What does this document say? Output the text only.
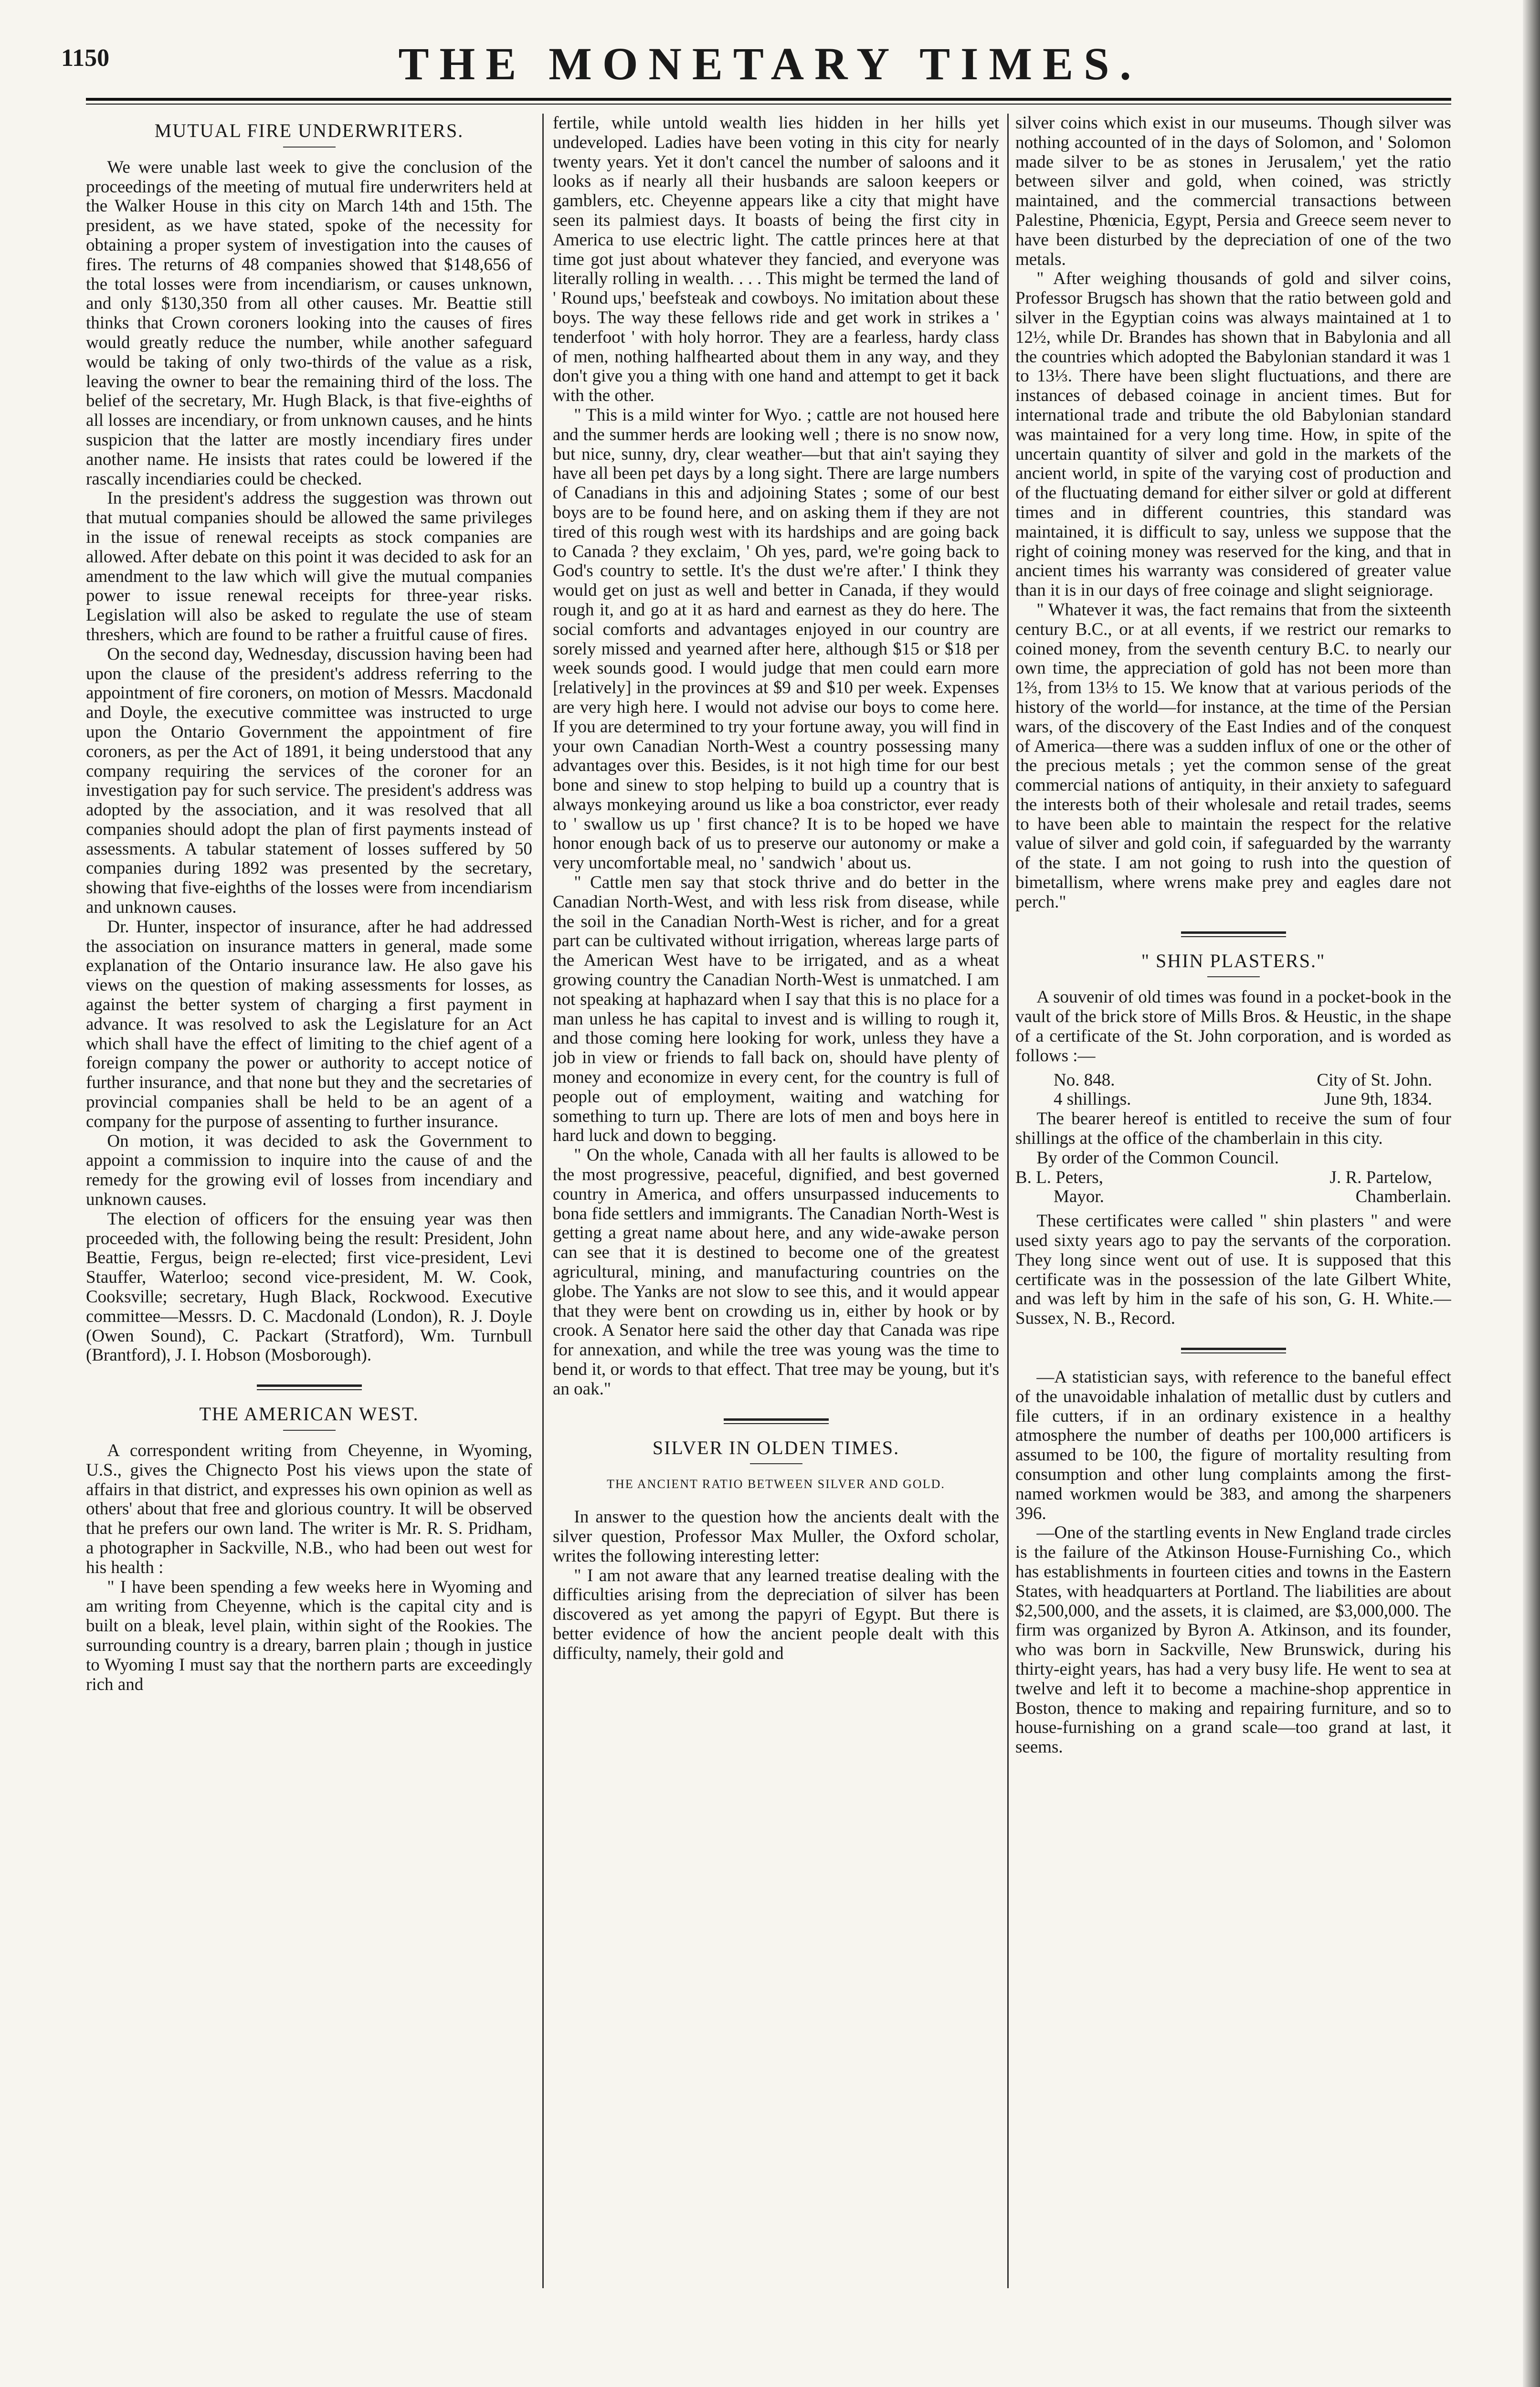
1150	THE MONETARY TIMES.
MUTUAL FIRE UNDERWRITERS.

We were unable last week to give the conclusion of the proceedings of the meeting of mutual fire underwriters held at the Walker House in this city on March 14th and 15th. The president, as we have stated, spoke of the necessity for obtaining a proper system of investigation into the causes of fires. The returns of 48 companies showed that $148,656 of the total losses were from incendiarism, or causes unknown, and only $130,350 from all other causes. Mr. Beattie still thinks that Crown coroners looking into the causes of fires would greatly reduce the number, while another safeguard would be taking of only two-thirds of the value as a risk, leaving the owner to bear the remaining third of the loss. The belief of the secretary, Mr. Hugh Black, is that five-eighths of all losses are incendiary, or from unknown causes, and he hints suspicion that the latter are mostly incendiary fires under another name. He insists that rates could be lowered if the rascally incendiaries could be checked.

In the president's address the suggestion was thrown out that mutual companies should be allowed the same privileges in the issue of renewal receipts as stock companies are allowed. After debate on this point it was decided to ask for an amendment to the law which will give the mutual companies power to issue renewal receipts for three-year risks. Legislation will also be asked to regulate the use of steam threshers, which are found to be rather a fruitful cause of fires.

On the second day, Wednesday, discussion having been had upon the clause of the president's address referring to the appointment of fire coroners, on motion of Messrs. Macdonald and Doyle, the executive committee was instructed to urge upon the Ontario Government the appointment of fire coroners, as per the Act of 1891, it being understood that any company requiring the services of the coroner for an investigation pay for such service. The president's address was adopted by the association, and it was resolved that all companies should adopt the plan of first payments instead of assessments. A tabular statement of losses suffered by 50 companies during 1892 was presented by the secretary, showing that five-eighths of the losses were from incendiarism and unknown causes.

Dr. Hunter, inspector of insurance, after he had addressed the association on insurance matters in general, made some explanation of the Ontario insurance law. He also gave his views on the question of making assessments for losses, as against the better system of charging a first payment in advance. It was resolved to ask the Legislature for an Act which shall have the effect of limiting to the chief agent of a foreign company the power or authority to accept notice of further insurance, and that none but they and the secretaries of provincial companies shall be held to be an agent of a company for the purpose of assenting to further insurance.

On motion, it was decided to ask the Government to appoint a commission to inquire into the cause of and the remedy for the growing evil of losses from incendiary and unknown causes.

The election of officers for the ensuing year was then proceeded with, the following being the result: President, John Beattie, Fergus, beign re-elected; first vice-president, Levi Stauffer, Waterloo; second vice-president, M. W. Cook, Cooksville; secretary, Hugh Black, Rockwood. Executive committee—Messrs. D. C. Macdonald (London), R. J. Doyle (Owen Sound), C. Packart (Stratford), Wm. Turnbull (Brantford), J. I. Hobson (Mosborough).

THE AMERICAN WEST.

A correspondent writing from Cheyenne, in Wyoming, U.S., gives the Chignecto Post his views upon the state of affairs in that district, and expresses his own opinion as well as others' about that free and glorious country. It will be observed that he prefers our own land. The writer is Mr. R. S. Pridham, a photographer in Sackville, N.B., who had been out west for his health :

" I have been spending a few weeks here in Wyoming and am writing from Cheyenne, which is the capital city and is built on a bleak, level plain, within sight of the Rookies. The surrounding country is a dreary, barren plain ; though in justice to Wyoming I must say that the northern parts are exceedingly rich and

fertile, while untold wealth lies hidden in her hills yet undeveloped. Ladies have been voting in this city for nearly twenty years. Yet it don't cancel the number of saloons and it looks as if nearly all their husbands are saloon keepers or gamblers, etc. Cheyenne appears like a city that might have seen its palmiest days. It boasts of being the first city in America to use electric light. The cattle princes here at that time got just about whatever they fancied, and everyone was literally rolling in wealth. . . . This might be termed the land of ' Round ups,' beefsteak and cowboys. No imitation about these boys. The way these fellows ride and get work in strikes a ' tenderfoot ' with holy horror. They are a fearless, hardy class of men, nothing halfhearted about them in any way, and they don't give you a thing with one hand and attempt to get it back with the other.

" This is a mild winter for Wyo. ; cattle are not housed here and the summer herds are looking well ; there is no snow now, but nice, sunny, dry, clear weather—but that ain't saying they have all been pet days by a long sight. There are large numbers of Canadians in this and adjoining States ; some of our best boys are to be found here, and on asking them if they are not tired of this rough west with its hardships and are going back to Canada ? they exclaim, ' Oh yes, pard, we're going back to God's country to settle. It's the dust we're after.' I think they would get on just as well and better in Canada, if they would rough it, and go at it as hard and earnest as they do here. The social comforts and advantages enjoyed in our country are sorely missed and yearned after here, although $15 or $18 per week sounds good. I would judge that men could earn more [relatively] in the provinces at $9 and $10 per week. Expenses are very high here. I would not advise our boys to come here. If you are determined to try your fortune away, you will find in your own Canadian North-West a country possessing many advantages over this. Besides, is it not high time for our best bone and sinew to stop helping to build up a country that is always monkeying around us like a boa constrictor, ever ready to ' swallow us up ' first chance? It is to be hoped we have honor enough back of us to preserve our autonomy or make a very uncomfortable meal, no ' sandwich ' about us.

" Cattle men say that stock thrive and do better in the Canadian North-West, and with less risk from disease, while the soil in the Canadian North-West is richer, and for a great part can be cultivated without irrigation, whereas large parts of the American West have to be irrigated, and as a wheat growing country the Canadian North-West is unmatched. I am not speaking at haphazard when I say that this is no place for a man unless he has capital to invest and is willing to rough it, and those coming here looking for work, unless they have a job in view or friends to fall back on, should have plenty of money and economize in every cent, for the country is full of people out of employment, waiting and watching for something to turn up. There are lots of men and boys here in hard luck and down to begging.

" On the whole, Canada with all her faults is allowed to be the most progressive, peaceful, dignified, and best governed country in America, and offers unsurpassed inducements to bona fide settlers and immigrants. The Canadian North-West is getting a great name about here, and any wide-awake person can see that it is destined to become one of the greatest agricultural, mining, and manufacturing countries on the globe. The Yanks are not slow to see this, and it would appear that they were bent on crowding us in, either by hook or by crook. A Senator here said the other day that Canada was ripe for annexation, and while the tree was young was the time to bend it, or words to that effect. That tree may be young, but it's an oak."

SILVER IN OLDEN TIMES.
THE ANCIENT RATIO BETWEEN SILVER AND GOLD.

In answer to the question how the ancients dealt with the silver question, Professor Max Muller, the Oxford scholar, writes the following interesting letter:

" I am not aware that any learned treatise dealing with the difficulties arising from the depreciation of silver has been discovered as yet among the papyri of Egypt. But there is better evidence of how the ancient people dealt with this difficulty, namely, their gold and

silver coins which exist in our museums. Though silver was nothing accounted of in the days of Solomon, and ' Solomon made silver to be as stones in Jerusalem,' yet the ratio between silver and gold, when coined, was strictly maintained, and the commercial transactions between Palestine, Phœnicia, Egypt, Persia and Greece seem never to have been disturbed by the depreciation of one of the two metals.

" After weighing thousands of gold and silver coins, Professor Brugsch has shown that the ratio between gold and silver in the Egyptian coins was always maintained at 1 to 12½, while Dr. Brandes has shown that in Babylonia and all the countries which adopted the Babylonian standard it was 1 to 13⅓. There have been slight fluctuations, and there are instances of debased coinage in ancient times. But for international trade and tribute the old Babylonian standard was maintained for a very long time. How, in spite of the uncertain quantity of silver and gold in the markets of the ancient world, in spite of the varying cost of production and of the fluctuating demand for either silver or gold at different times and in different countries, this standard was maintained, it is difficult to say, unless we suppose that the right of coining money was reserved for the king, and that in ancient times his warranty was considered of greater value than it is in our days of free coinage and slight seigniorage.

" Whatever it was, the fact remains that from the sixteenth century B.C., or at all events, if we restrict our remarks to coined money, from the seventh century B.C. to nearly our own time, the appreciation of gold has not been more than 1⅔, from 13⅓ to 15. We know that at various periods of the history of the world—for instance, at the time of the Persian wars, of the discovery of the East Indies and of the conquest of America—there was a sudden influx of one or the other of the precious metals ; yet the common sense of the great commercial nations of antiquity, in their anxiety to safeguard the interests both of their wholesale and retail trades, seems to have been able to maintain the respect for the relative value of silver and gold coin, if safeguarded by the warranty of the state. I am not going to rush into the question of bimetallism, where wrens make prey and eagles dare not perch."

" SHIN PLASTERS."

A souvenir of old times was found in a pocket-book in the vault of the brick store of Mills Bros. & Heustic, in the shape of a certificate of the St. John corporation, and is worded as follows :—

No. 848.	City of St. John.
4 shillings.	June 9th, 1834.

The bearer hereof is entitled to receive the sum of four shillings at the office of the chamberlain in this city.

By order of the Common Council.

B. L. Peters,	J. R. Partelow,
Mayor.	Chamberlain.

These certificates were called " shin plasters " and were used sixty years ago to pay the servants of the corporation. They long since went out of use. It is supposed that this certificate was in the possession of the late Gilbert White, and was left by him in the safe of his son, G. H. White.—Sussex, N. B., Record.

—A statistician says, with reference to the baneful effect of the unavoidable inhalation of metallic dust by cutlers and file cutters, if in an ordinary existence in a healthy atmosphere the number of deaths per 100,000 artificers is assumed to be 100, the figure of mortality resulting from consumption and other lung complaints among the first-named workmen would be 383, and among the sharpeners 396.

—One of the startling events in New England trade circles is the failure of the Atkinson House-Furnishing Co., which has establishments in fourteen cities and towns in the Eastern States, with headquarters at Portland. The liabilities are about $2,500,000, and the assets, it is claimed, are $3,000,000. The firm was organized by Byron A. Atkinson, and its founder, who was born in Sackville, New Brunswick, during his thirty-eight years, has had a very busy life. He went to sea at twelve and left it to become a machine-shop apprentice in Boston, thence to making and repairing furniture, and so to house-furnishing on a grand scale—too grand at last, it seems.
